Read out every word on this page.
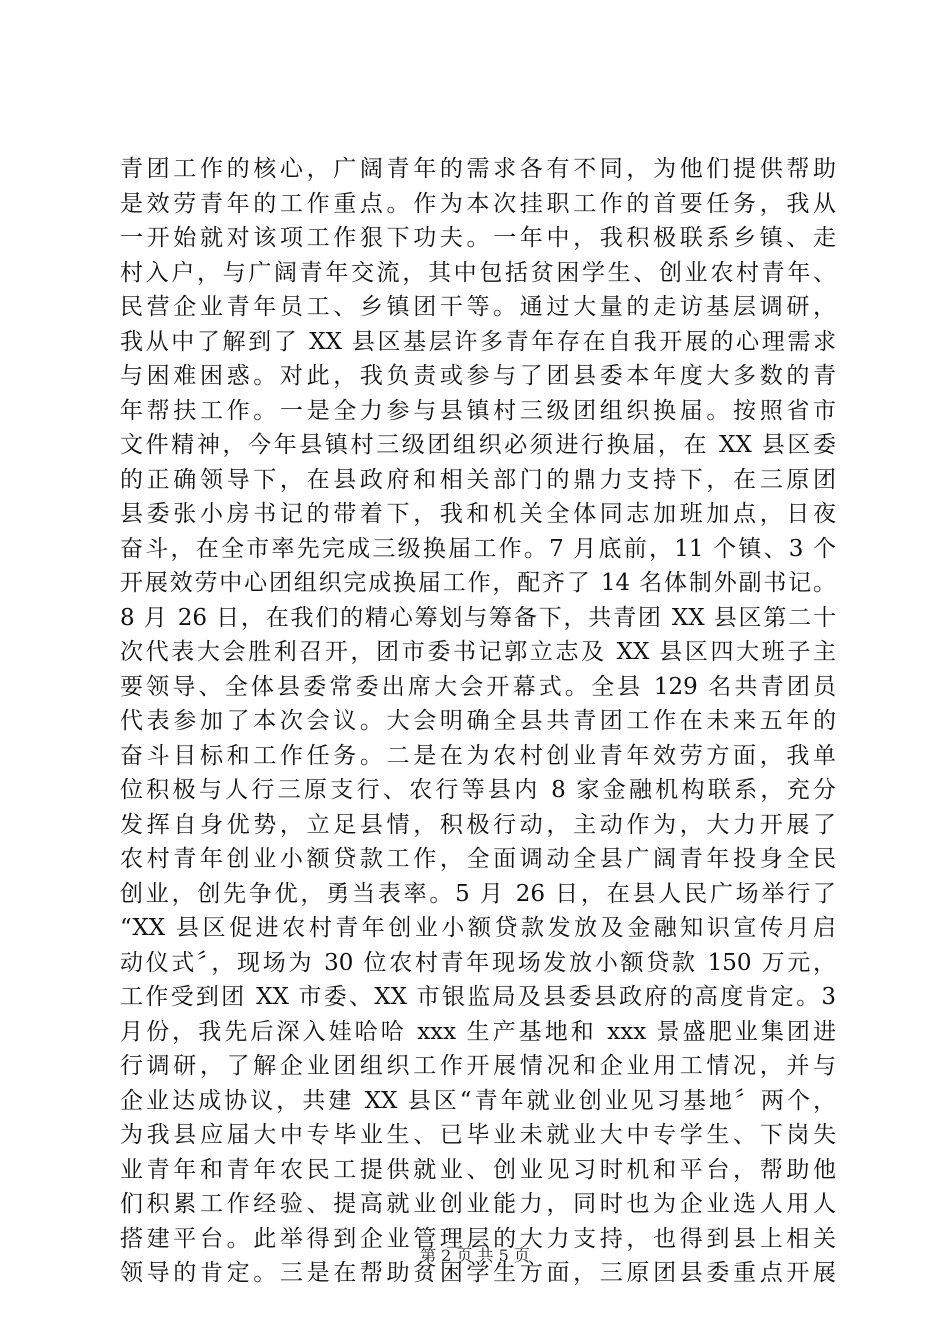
青团工作的核心，广阔青年的需求各有不同，为他们提供帮助
是效劳青年的工作重点。作为本次挂职工作的首要任务，我从
一开始就对该项工作狠下功夫。一年中，我积极联系乡镇、走
村入户，与广阔青年交流，其中包括贫困学生、创业农村青年、
民营企业青年员工、乡镇团干等。通过大量的走访基层调研，
我从中了解到了 XX 县区基层许多青年存在自我开展的心理需求
与困难困惑。对此，我负责或参与了团县委本年度大多数的青
年帮扶工作。一是全力参与县镇村三级团组织换届。按照省市
文件精神，今年县镇村三级团组织必须进行换届，在 XX 县区委
的正确领导下，在县政府和相关部门的鼎力支持下，在三原团
县委张小房书记的带着下，我和机关全体同志加班加点，日夜
奋斗，在全市率先完成三级换届工作。7 月底前，11 个镇、3 个
开展效劳中心团组织完成换届工作，配齐了 14 名体制外副书记。
8 月 26 日，在我们的精心筹划与筹备下，共青团 XX 县区第二十
次代表大会胜利召开，团市委书记郭立志及 XX 县区四大班子主
要领导、全体县委常委出席大会开幕式。全县 129 名共青团员
代表参加了本次会议。大会明确全县共青团工作在未来五年的
奋斗目标和工作任务。二是在为农村创业青年效劳方面，我单
位积极与人行三原支行、农行等县内 8 家金融机构联系，充分
发挥自身优势，立足县情，积极行动，主动作为，大力开展了
农村青年创业小额贷款工作，全面调动全县广阔青年投身全民
创业，创先争优，勇当表率。5 月 26 日，在县人民广场举行了
“XX 县区促进农村青年创业小额贷款发放及金融知识宣传月启
动仪式〞，现场为 30 位农村青年现场发放小额贷款 150 万元，
工作受到团 XX 市委、XX 市银监局及县委县政府的高度肯定。3
月份，我先后深入娃哈哈 xxx 生产基地和 xxx 景盛肥业集团进
行调研，了解企业团组织工作开展情况和企业用工情况，并与
企业达成协议，共建 XX 县区“青年就业创业见习基地〞两个，
为我县应届大中专毕业生、已毕业未就业大中专学生、下岗失
业青年和青年农民工提供就业、创业见习时机和平台，帮助他
们积累工作经验、提高就业创业能力，同时也为企业选人用人
搭建平台。此举得到企业管理层的大力支持，也得到县上相关
领导的肯定。三是在帮助贫困学生方面，三原团县委重点开展
第 2 页 共 5 页
